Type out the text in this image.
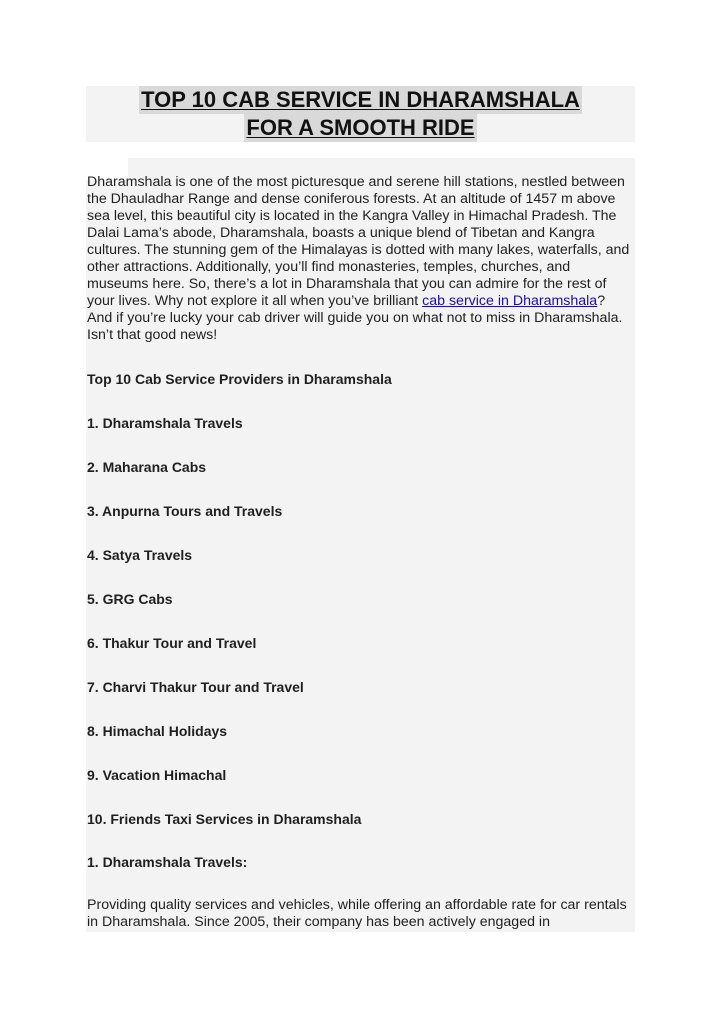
TOP 10 CAB SERVICE IN DHARAMSHALA
FOR A SMOOTH RIDE

Dharamshala is one of the most picturesque and serene hill stations, nestled between the Dhauladhar Range and dense coniferous forests. At an altitude of 1457 m above sea level, this beautiful city is located in the Kangra Valley in Himachal Pradesh. The Dalai Lama’s abode, Dharamshala, boasts a unique blend of Tibetan and Kangra cultures. The stunning gem of the Himalayas is dotted with many lakes, waterfalls, and other attractions. Additionally, you’ll find monasteries, temples, churches, and museums here. So, there’s a lot in Dharamshala that you can admire for the rest of your lives. Why not explore it all when you’ve brilliant cab service in Dharamshala? And if you’re lucky your cab driver will guide you on what not to miss in Dharamshala. Isn’t that good news!

Top 10 Cab Service Providers in Dharamshala

1. Dharamshala Travels

2. Maharana Cabs

3. Anpurna Tours and Travels

4. Satya Travels

5. GRG Cabs

6. Thakur Tour and Travel

7. Charvi Thakur Tour and Travel

8. Himachal Holidays

9. Vacation Himachal

10. Friends Taxi Services in Dharamshala

1. Dharamshala Travels:

Providing quality services and vehicles, while offering an affordable rate for car rentals in Dharamshala. Since 2005, their company has been actively engaged in
